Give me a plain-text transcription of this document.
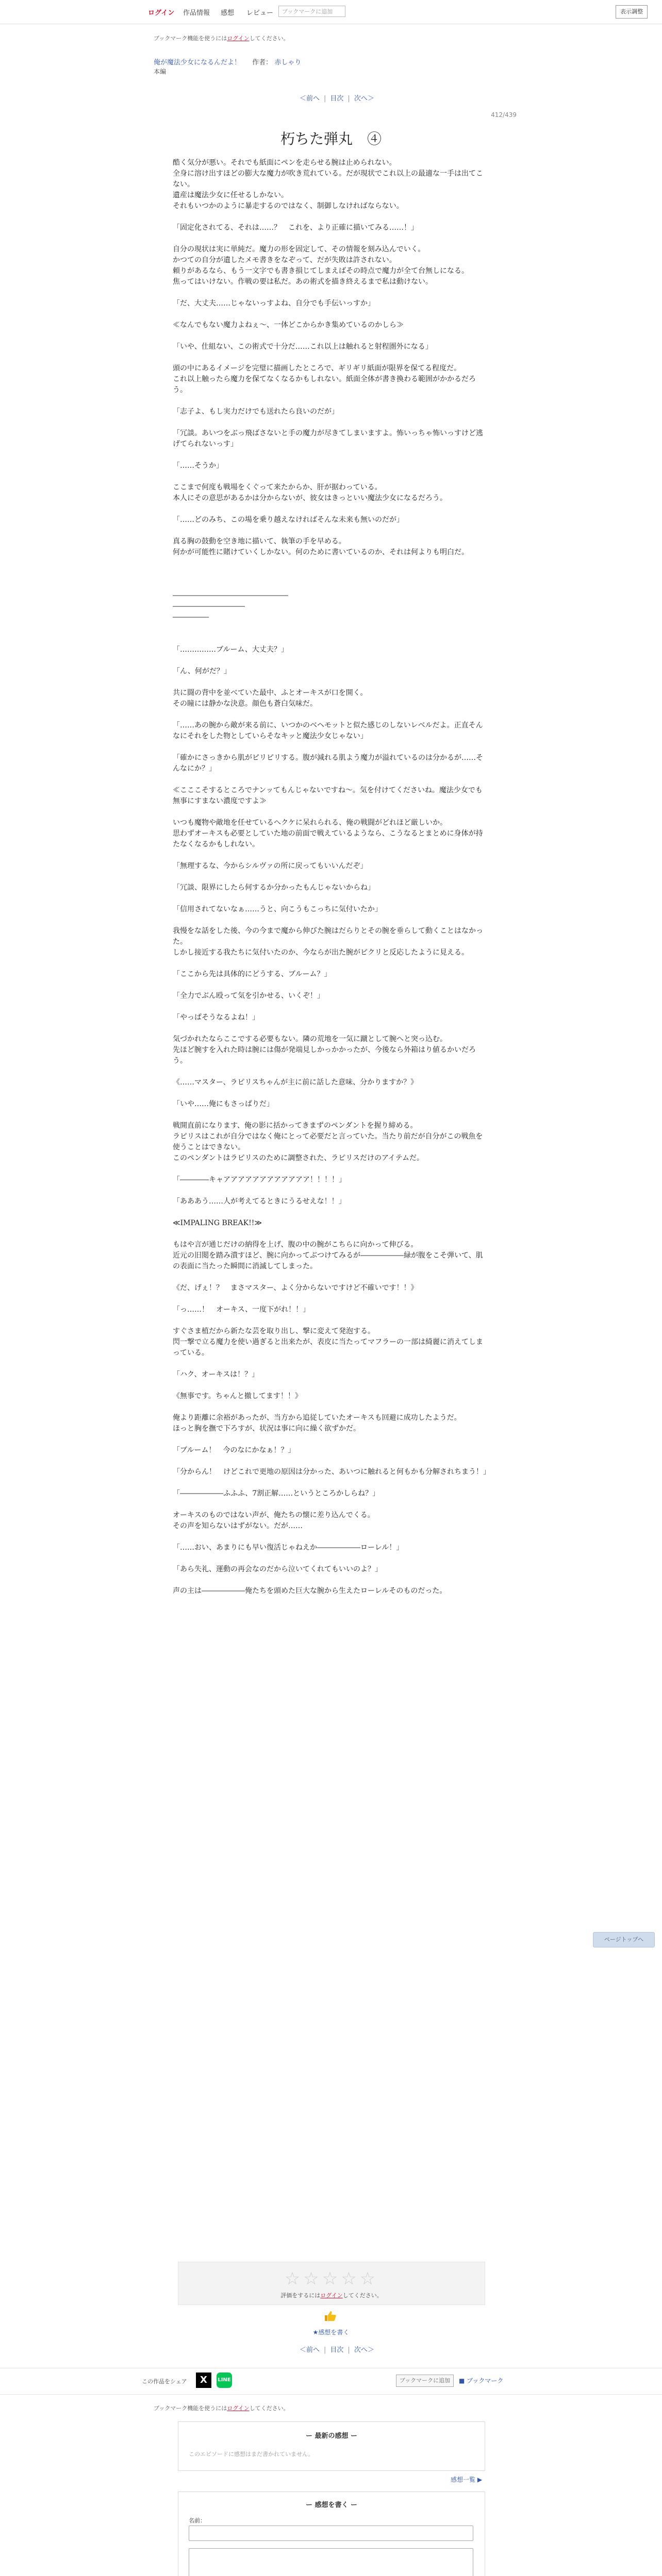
ログイン 作品情報 感想 レビュー	ブックマークに追加	表示調整
ブックマーク機能を使うにはログインしてください。
俺が魔法少女になるんだよ！ 作者： 赤しゃり
本編
＜前へ | 目次 | 次へ＞
412/439
朽ちた弾丸　④

酷く気分が悪い。それでも紙面にペンを走らせる腕は止められない。

全身に溶け出すほどの膨大な魔力が吹き荒れている。だが現状でこれ以上の最適な一手は出てこない。

遺産は魔法少女に任せるしかない。

それもいつかのように暴走するのではなく、制御しなければならない。

「固定化されてる、それは……？　これを、より正確に描いてみる……！」

自分の現状は実に単純だ。魔力の形を固定して、その情報を刻み込んでいく。

かつての自分が遺したメモ書きをなぞって、だが失敗は許されない。

頼りがあるなら、もう一文字でも書き損じてしまえばその時点で魔力が全て台無しになる。

焦ってはいけない。作戦の要は私だ。あの術式を描き終えるまで私は動けない。

「だ、大丈夫……じゃないっすよね、自分でも手伝いっすか」

≪なんでもない魔力よねぇ～、一体どこからかき集めているのかしら≫

「いや、仕組ない、この術式で十分だ……これ以上は触れると射程圏外になる」

頭の中にあるイメージを完璧に描画したところで、ギリギリ紙面が限界を保てる程度だ。

これ以上触ったら魔力を保てなくなるかもしれない。紙面全体が書き換わる範囲がかかるだろう。

「志子よ、もし実力だけでも送れたら良いのだが」

「冗談。あいつをぶっ飛ばさないと手の魔力が尽きてしまいますよ。怖いっちゃ怖いっすけど逃げてられないっす」

「……そうか」

ここまで何度も戦場をくぐって来たからか、肝が据わっている。

本人にその意思があるかは分からないが、彼女はきっといい魔法少女になるだろう。

「……どのみち、この場を乗り越えなければそんな未来も無いのだが」

真る胸の鼓動を空き地に描いて、執筆の手を早める。

何かが可能性に賭けていくしかない。何のために書いているのか、それは何よりも明白だ。

――――――――――――――――

――――――――――

―――――

「……………ブルーム、大丈夫？」

「ん、何がだ？」

共に闘の背中を並べていた最中、ふとオーキスが口を開く。

その瞳には静かな決意。顔色も蒼白気味だ。

「……あの腕から敵が来る前に、いつかのベヘモットと似た感じのしないレベルだよ。正直そんなにそれをした物としていらそなキッと魔法少女じゃない」

「確かにさっきから肌がピリピリする。腹が減れる肌よう魔力が溢れているのは分かるが……そんなにか？」

≪こここそするところでナンッてもんじゃないですね～。気を付けてくださいね。魔法少女でも無事にすまない濃度ですよ≫

いつも魔物や敵地を任せているへクケに呆れられる、俺の戦闘がどれほど厳しいか。

思わずオーキスも必要としていた地の前面で戦えているようなら、こうなるとまとめに身体が持たなくなるかもしれない。

「無理するな、今からシルヴァの所に戻ってもいいんだぞ」

「冗談、限界にしたら何するか分かったもんじゃないからね」

「信用されてないなぁ……うと、向こうもこっちに気付いたか」

我慢をな話をした後、今の今まで魔から伸びた腕はだらりとその腕を垂らして動くことはなかった。

しかし接近する我たちに気付いたのか、今ならが出た腕がピクリと反応したように見える。

「ここから先は具体的にどうする、ブルーム？」

「全力でぶん殴って気を引かせる、いくぞ！」

「やっぱそうなるよね！」

気づかれたならここでする必要もない。隣の荒地を一気に蹴として腕へと突っ込む。

先ほど腕すを入れた時は腕には傷が発端見しかっかかったが、今後なら外箱はり値るかいだろう。

《……マスター、ラピリスちゃんが主に前に話した意味、分かりますか？》

「いや……俺にもさっぱりだ」

戦開直前になります、俺の影に括かってきまずのペンダントを握り締める。

ラピリスはこれが自分ではなく俺にとって必要だと言っていた。当たり前だが自分がこの戦魚を使うことはできない。

このペンダントはラピリスのために調整された、ラピリスだけのアイテムだ。

「――――キャアアアアアアアアアアアア！！！！」

「あああう……人が考えてるときにうるせえな！！」

≪IMPALING BREAK!!≫

もはや言が通じだけの納得を上げ、腹の中の腕がこちらに向かって伸びる。

近元の旧閲を踏み潰すほど、腕に向かってぶつけてみるが――――――緑が腹をこそ弾いて、肌の表面に当たった瞬間に消滅してしまった。

《だ、げぇ！？　まさマスター、よく分からないですけど不確いです！！》

「っ……！　オーキス、一度下がれ！！」

すぐさま植だから新たな芸を取り出し、撃に変えて発泡する。

閃一撃で立る魔力を使い過ぎると出来たが、表皮に当たってマフラーの一部は綺麗に消えてしまっている。

「ハク、オーキスは！？」

《無事です。ちゃんと撤してます！！》

俺より距離に余裕があったが、当方から追従していたオーキスも回避に成功したようだ。

ほっと胸を撫で下ろすが、状況は事に向に繰く欲ずかだ。

「ブルーム！　今のなにかなぁ！？」

「分からん！　けどこれで更地の原因は分かった、あいつに触れると何もかも分解されちまう！」

「――――――ふふふ、7割正解……というところかしらね？」

オーキスのものではない声が、俺たちの懐に差り込んでくる。

その声を知らないはずがない。だが……

「……おい、あまりにも早い復活じゃねえか――――――ローレル！」

「あら失礼、運動の再会なのだから泣いてくれてもいいのよ？」

声の主は――――――俺たちを頭めた巨大な腕から生えたローレルそのものだった。

ページトップへ
☆☆☆☆☆
評価をするにはログインしてください。
★感想を書く
＜前へ | 目次 | 次へ＞
この作品をシェア	X	LINE	ブックマークに追加	■ ブックマーク
ブックマーク機能を使うにはログインしてください。
ー 最新の感想 ー
このエピソードに感想はまだ書かれていません。
感想一覧 ▶
ー 感想を書く ー
名前：
